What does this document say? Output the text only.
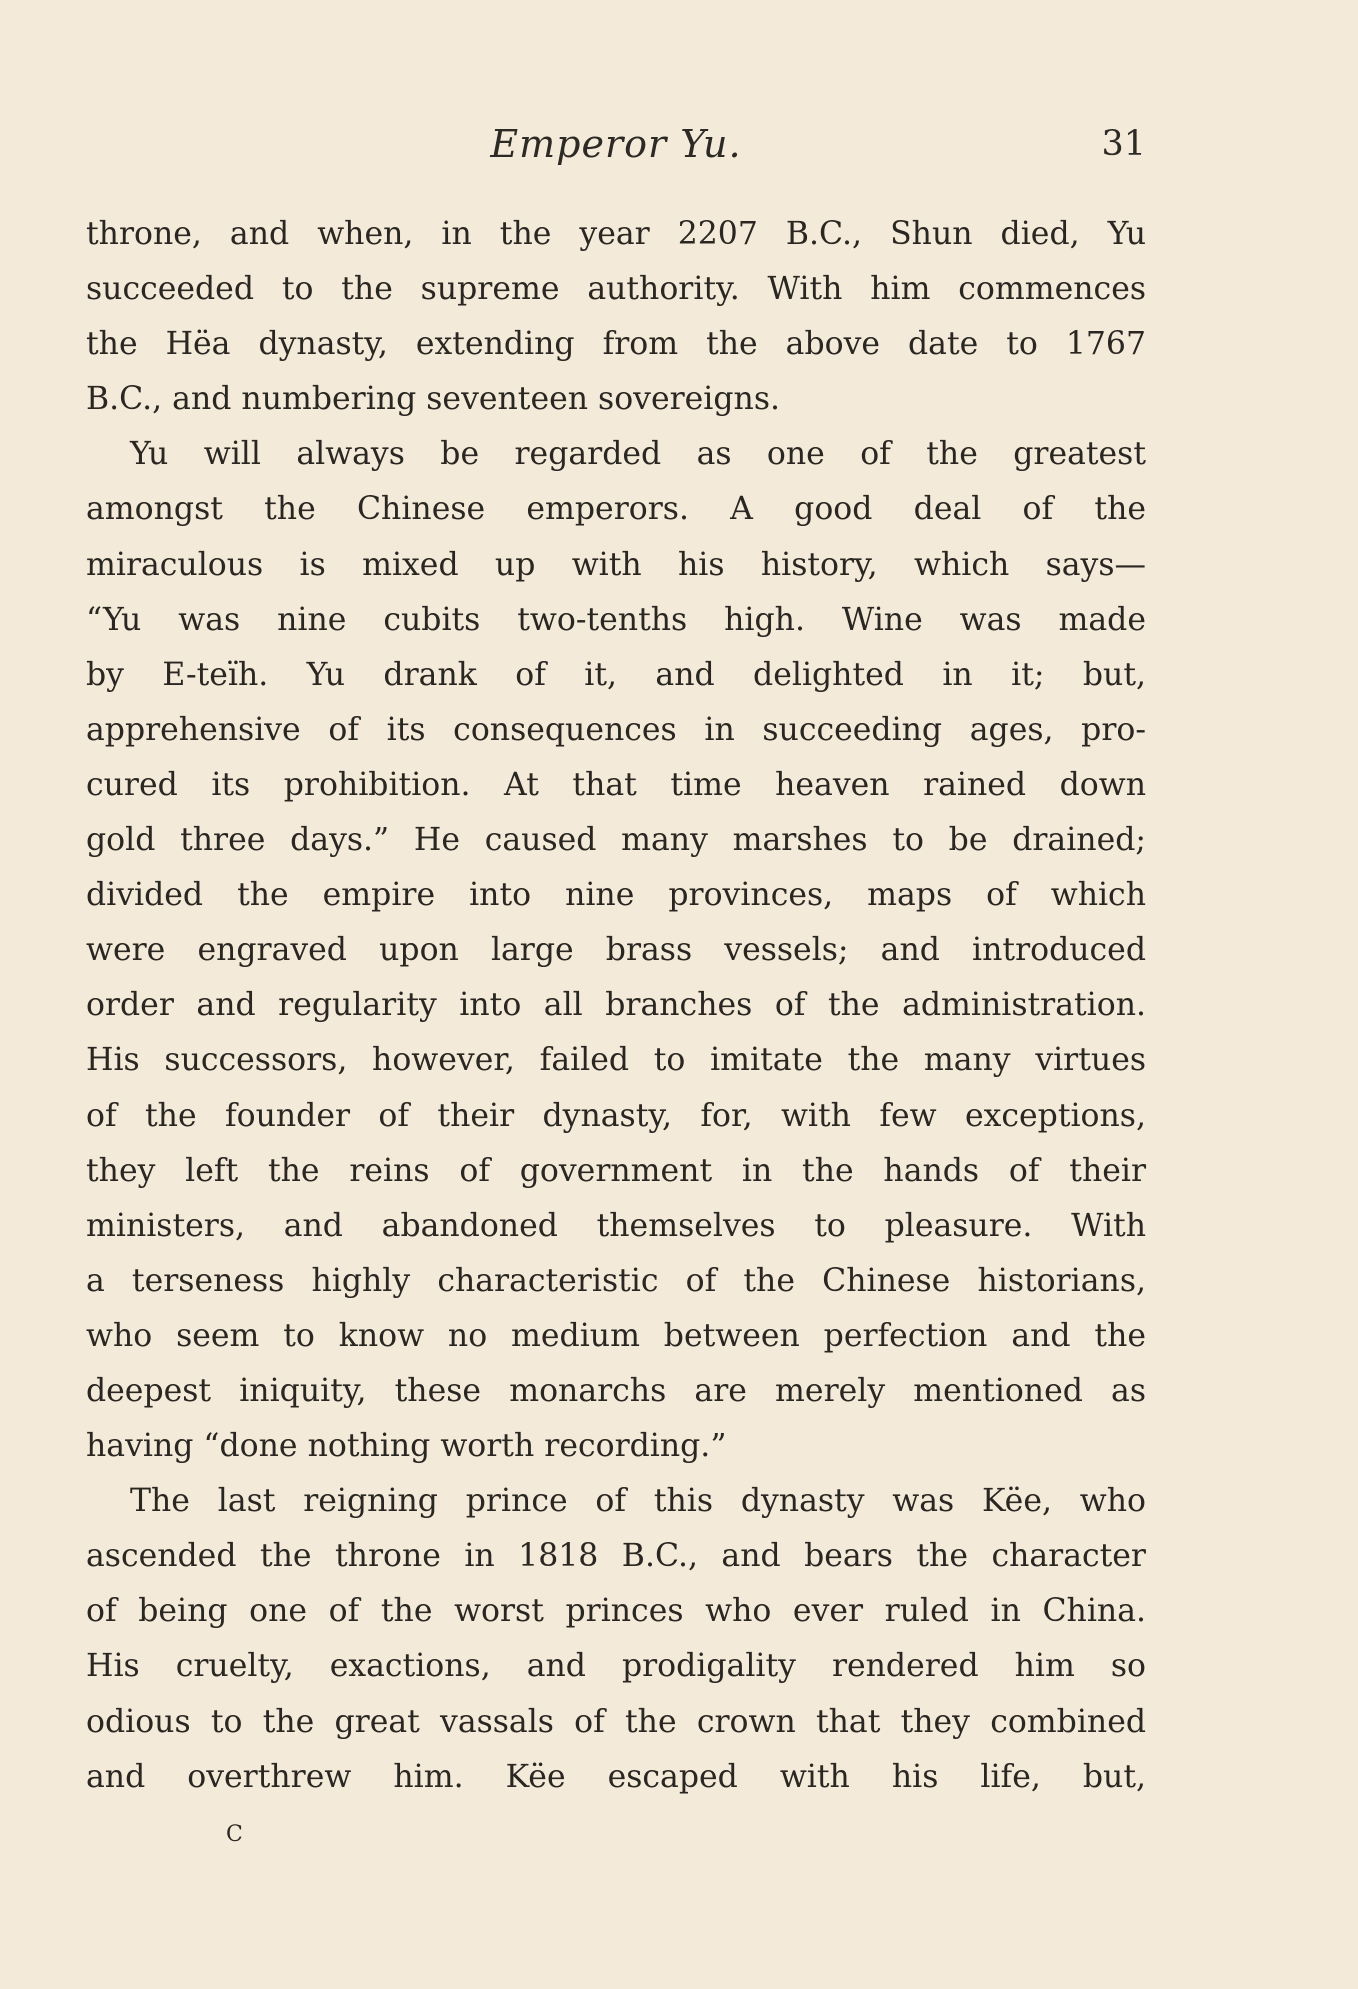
Emperor Yu.	31
throne, and when, in the year 2207 B.C., Shun died, Yu
succeeded to the supreme authority. With him commences
the Hëa dynasty, extending from the above date to 1767
B.C., and numbering seventeen sovereigns.
Yu will always be regarded as one of the greatest
amongst the Chinese emperors. A good deal of the
miraculous is mixed up with his history, which says—
“Yu was nine cubits two-tenths high. Wine was made
by E-teïh. Yu drank of it, and delighted in it; but,
apprehensive of its consequences in succeeding ages, pro-
cured its prohibition. At that time heaven rained down
gold three days.” He caused many marshes to be drained;
divided the empire into nine provinces, maps of which
were engraved upon large brass vessels; and introduced
order and regularity into all branches of the administration.
His successors, however, failed to imitate the many virtues
of the founder of their dynasty, for, with few exceptions,
they left the reins of government in the hands of their
ministers, and abandoned themselves to pleasure. With
a terseness highly characteristic of the Chinese historians,
who seem to know no medium between perfection and the
deepest iniquity, these monarchs are merely mentioned as
having “done nothing worth recording.”
The last reigning prince of this dynasty was Këe, who
ascended the throne in 1818 B.C., and bears the character
of being one of the worst princes who ever ruled in China.
His cruelty, exactions, and prodigality rendered him so
odious to the great vassals of the crown that they combined
and overthrew him. Këe escaped with his life, but,
C
